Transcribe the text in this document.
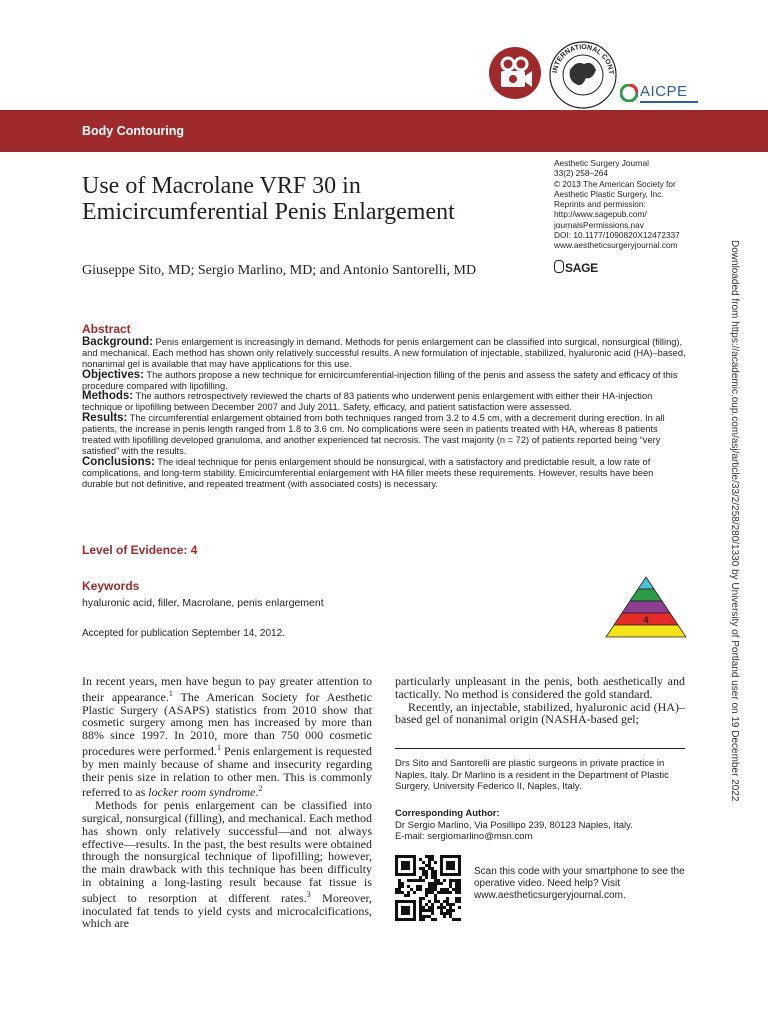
INTERNATIONAL CONT
AICPE
Body Contouring
Use of Macrolane VRF 30 in
Emicircumferential Penis Enlargement
Giuseppe Sito, MD; Sergio Marlino, MD; and Antonio Santorelli, MD
Aesthetic Surgery Journal
33(2) 258–264
© 2013 The American Society for
Aesthetic Plastic Surgery, Inc.
Reprints and permission:
http://www.sagepub.com/
journalsPermissions.nav
DOI: 10.1177/1090820X12472337
www.aestheticsurgeryjournal.com
SAGE	Downloaded from https://academic.oup.com/asj/article/33/2/258/280/1330 by University of Portland user on 19 December 2022
Abstract

Background: Penis enlargement is increasingly in demand. Methods for penis enlargement can be classified into surgical, nonsurgical (filling), and mechanical. Each method has shown only relatively successful results. A new formulation of injectable, stabilized, hyaluronic acid (HA)–based, nonanimal gel is available that may have applications for this use.

Objectives: The authors propose a new technique for emicircumferential-injection filling of the penis and assess the safety and efficacy of this procedure compared with lipofilling.

Methods: The authors retrospectively reviewed the charts of 83 patients who underwent penis enlargement with either their HA-injection technique or lipofilling between December 2007 and July 2011. Safety, efficacy, and patient satisfaction were assessed.

Results: The circumferential enlargement obtained from both techniques ranged from 3.2 to 4.5 cm, with a decrement during erection. In all patients, the increase in penis length ranged from 1.8 to 3.6 cm. No complications were seen in patients treated with HA, whereas 8 patients treated with lipofilling developed granuloma, and another experienced fat necrosis. The vast majority (n = 72) of patients reported being “very satisfied” with the results.

Conclusions: The ideal technique for penis enlargement should be nonsurgical, with a satisfactory and predictable result, a low rate of complications, and long-term stability. Emicircumferential enlargement with HA filler meets these requirements. However, results have been durable but not definitive, and repeated treatment (with associated costs) is necessary.

Level of Evidence: 4
Keywords
hyaluronic acid, filler, Macrolane, penis enlargement
Accepted for publication September 14, 2012.
4

In recent years, men have begun to pay greater attention to their appearance.$^1$ The American Society for Aesthetic Plastic Surgery (ASAPS) statistics from 2010 show that cosmetic surgery among men has increased by more than 88% since 1997. In 2010, more than 750 000 cosmetic procedures were performed.$^1$ Penis enlargement is requested by men mainly because of shame and insecurity regarding their penis size in relation to other men. This is commonly referred to as locker room syndrome.$^2$

Methods for penis enlargement can be classified into surgical, nonsurgical (filling), and mechanical. Each method has shown only relatively successful—and not always effective—results. In the past, the best results were obtained through the nonsurgical technique of lipofilling; however, the main drawback with this technique has been difficulty in obtaining a long-lasting result because fat tissue is subject to resorption at different rates.$^3$ Moreover, inoculated fat tends to yield cysts and microcalcifications, which are

particularly unpleasant in the penis, both aesthetically and tactically. No method is considered the gold standard.

Recently, an injectable, stabilized, hyaluronic acid (HA)–based gel of nonanimal origin (NASHA-based gel;

Drs Sito and Santorelli are plastic surgeons in private practice in Naples, Italy. Dr Marlino is a resident in the Department of Plastic Surgery, University Federico II, Naples, Italy.
Corresponding Author:
Dr Sergio Marlino, Via Posillipo 239, 80123 Naples, Italy.
E-mail: sergiomarlino@msn.com
Scan this code with your smartphone to see the operative video. Need help? Visit www.aestheticsurgeryjournal.com.
